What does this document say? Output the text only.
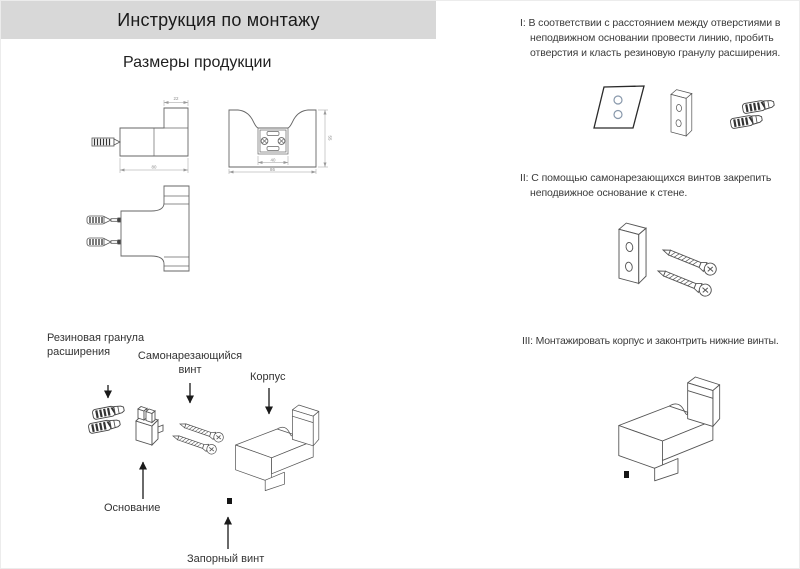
Инструкция по монтажу
Размеры продукции
22
80
55
40
86
I: В соответствии с расстоянием между отверстиями в неподвижном основании провести линию, пробить отверстия и класть резиновую гранулу расширения.
II: С помощью самонарезающихся винтов закрепить неподвижное основание к стене.
III: Монтажировать корпус и законтрить нижние винты.
Резиновая гранула расширения	Самонарезающийся винт
Корпус
Основание
Запорный винт
